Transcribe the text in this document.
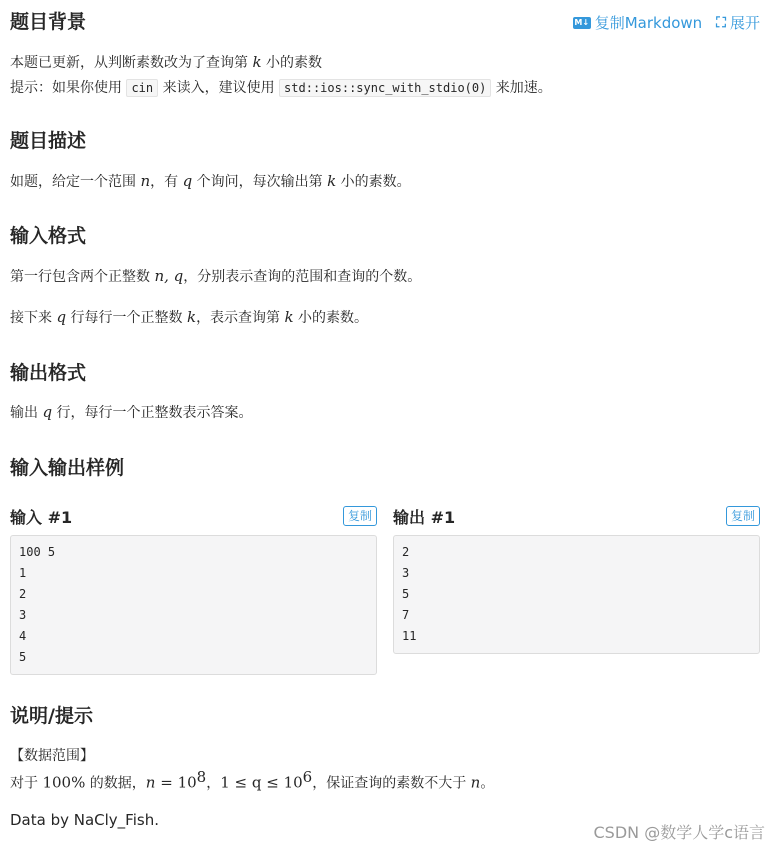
题目背景	M↓ 复制Markdown ⛶ 展开
本题已更新，从判断素数改为了查询第 k 小的素数
提示：如果你使用 cin 来读入，建议使用 std::ios::sync_with_stdio(0) 来加速。
题目描述
如题，给定一个范围 n，有 q 个询问，每次输出第 k 小的素数。
输入格式
第一行包含两个正整数 n, q，分别表示查询的范围和查询的个数。
接下来 q 行每行一个正整数 k，表示查询第 k 小的素数。
输出格式
输出 q 行，每行一个正整数表示答案。
输入输出样例
输入 #1	复制
100 5
1
2
3
4
5
输出 #1	复制
2
3
5
7
11
说明/提示
【数据范围】
对于 100% 的数据，$n = 10^8$，$1 \le q \le 10^6$，保证查询的素数不大于 n。
Data by NaCly_Fish.
CSDN @数学人学c语言
